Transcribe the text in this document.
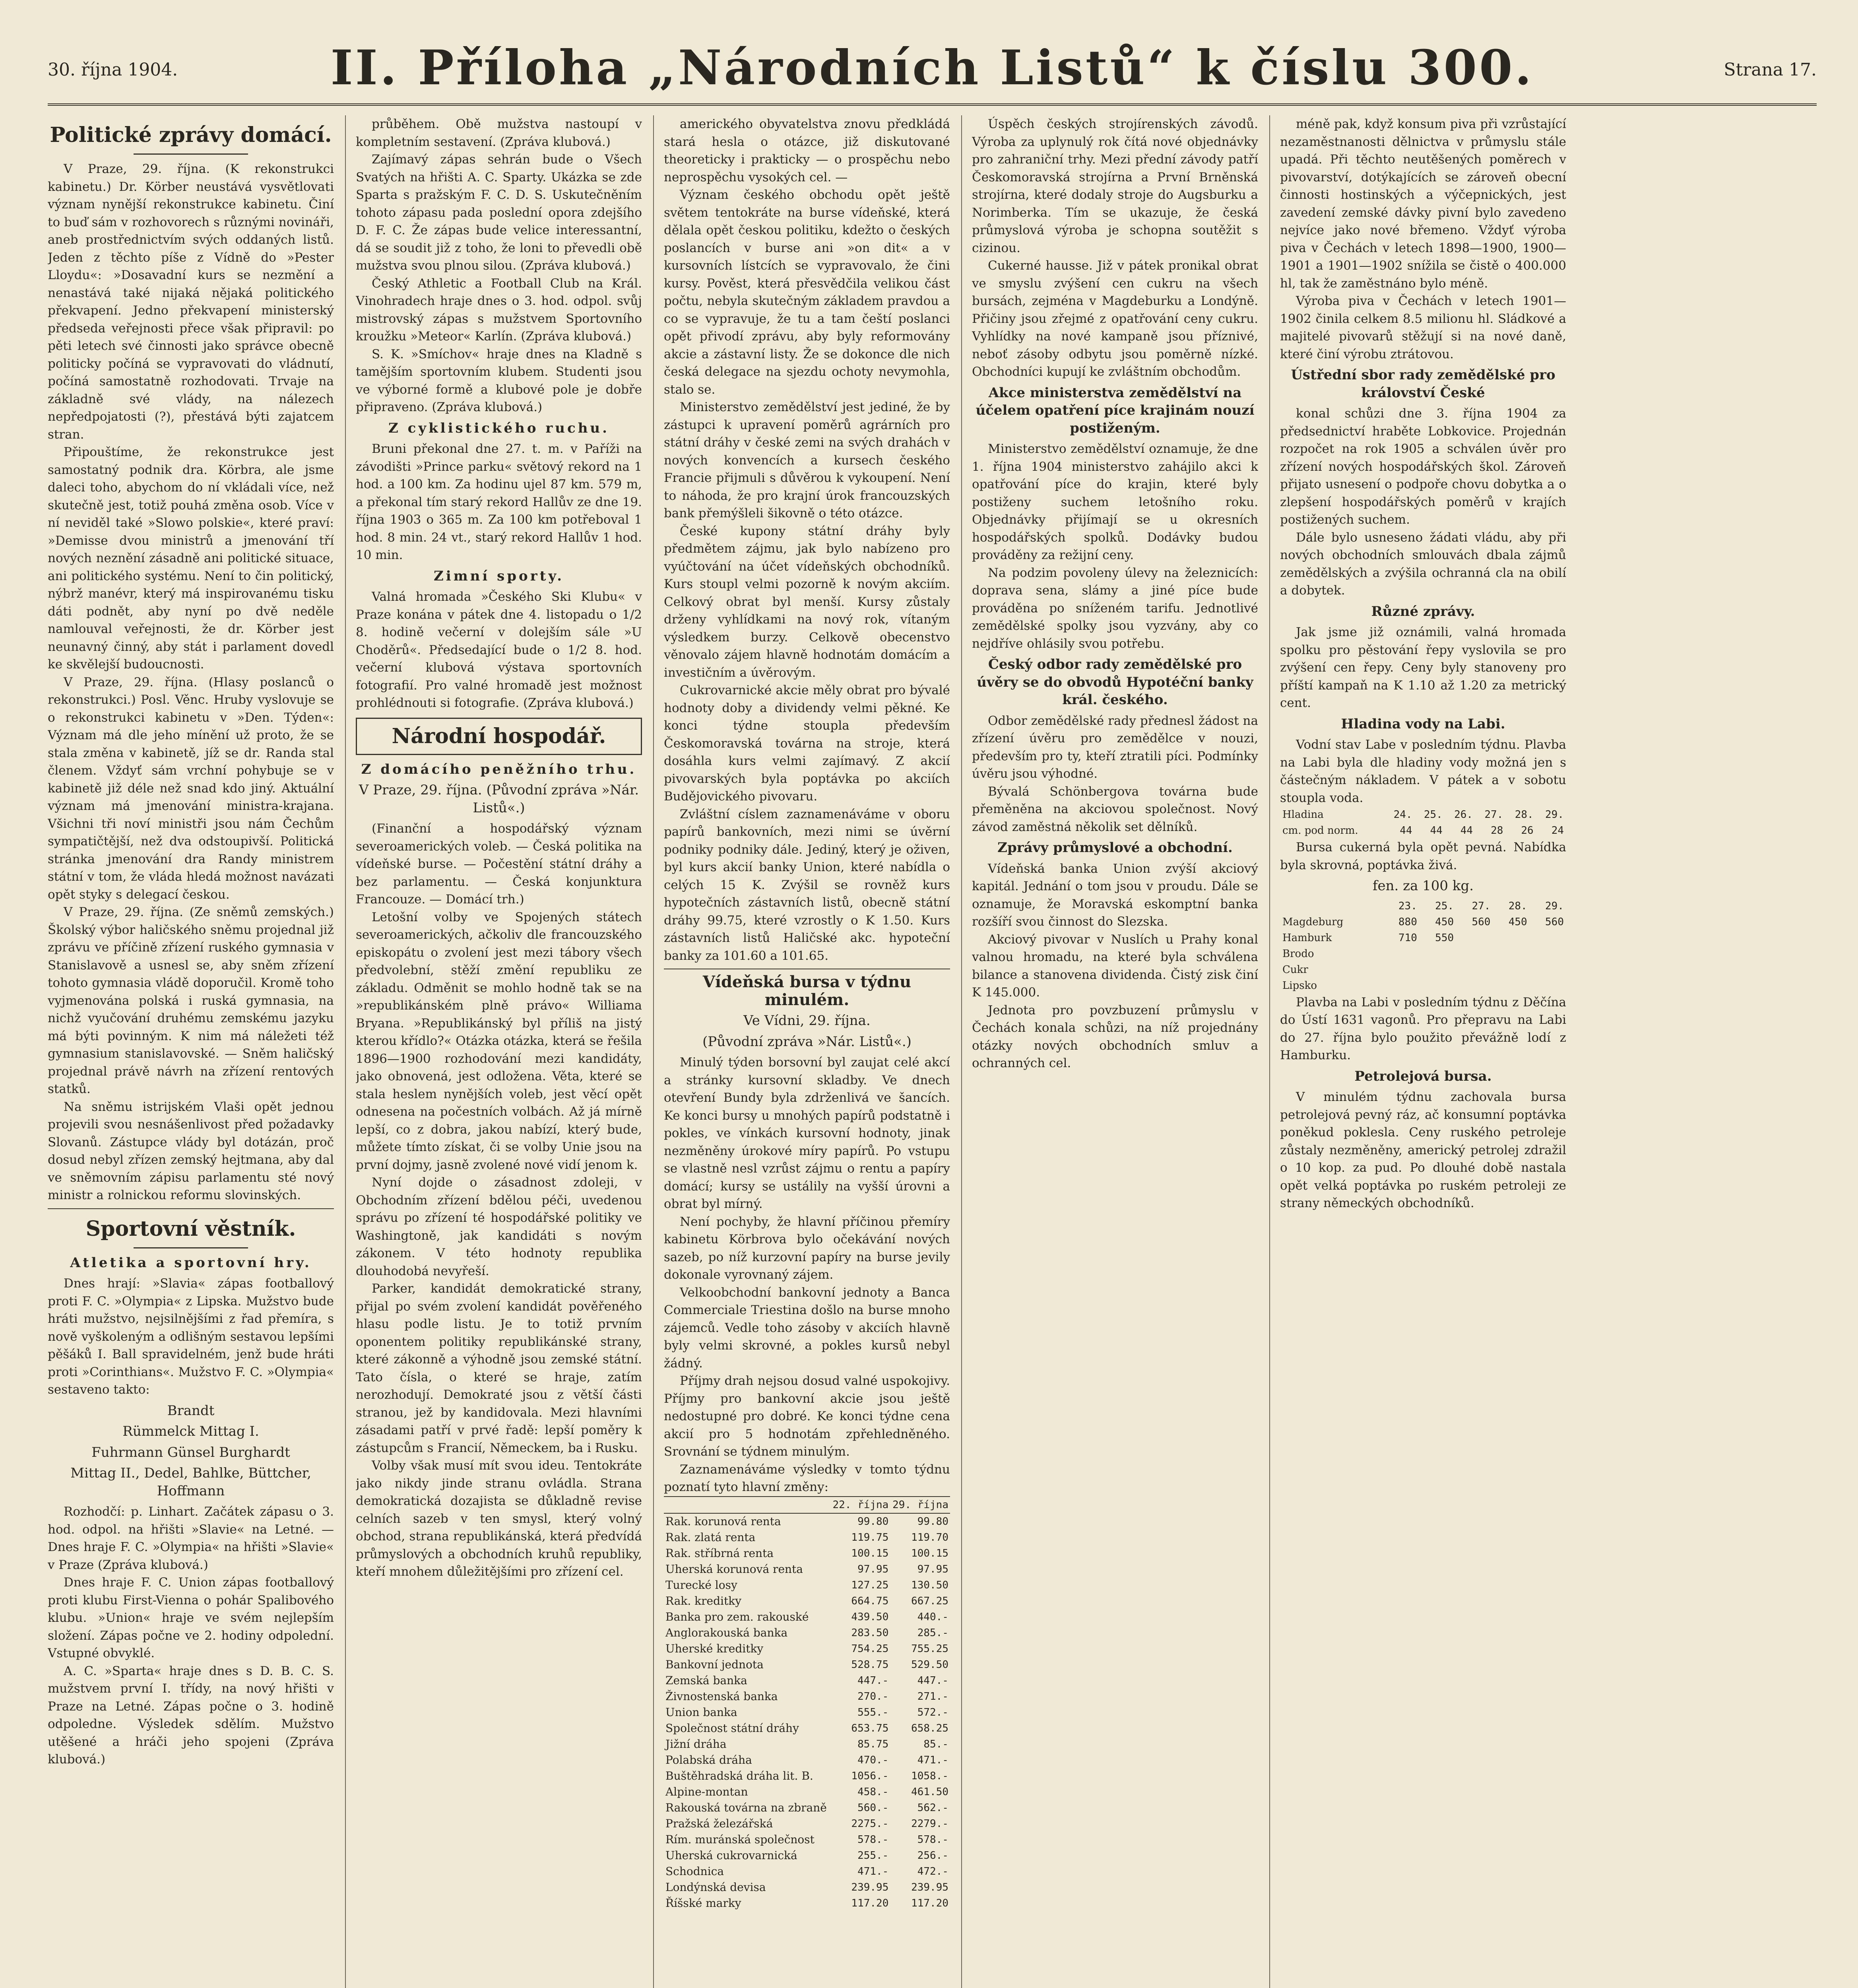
30. října 1904.	II. Příloha „Národních Listů“ k číslu 300.	Strana 17.
Politické zprávy domácí.

V Praze, 29. října. (K rekonstrukci kabinetu.) Dr. Körber neustává vysvětlovati význam nynější rekonstrukce kabinetu. Činí to buď sám v rozhovorech s různými novináři, aneb prostřednictvím svých oddaných listů. Jeden z těchto píše z Vídně do »Pester Lloydu«: »Dosavadní kurs se nezmění a nenastává také nijaká nějaká politického překvapení. Jedno překvapení ministerský předseda veřejnosti přece však připravil: po pěti letech své činnosti jako správce obecně politicky počíná se vypravovati do vládnutí, počíná samostatně rozhodovati. Trvaje na základně své vlády, na nálezech nepředpojatosti (?), přestává býti zajatcem stran.

Připouštíme, že rekonstrukce jest samostatný podnik dra. Körbra, ale jsme daleci toho, abychom do ní vkládali více, než skutečně jest, totiž pouhá změna osob. Více v ní neviděl také »Slowo polskie«, které praví: »Demisse dvou ministrů a jmenování tří nových neznění zásadně ani politické situace, ani politického systému. Není to čin politický, nýbrž manévr, který má inspirovanému tisku dáti podnět, aby nyní po dvě neděle namlouval veřejnosti, že dr. Körber jest neunavný činný, aby stát i parlament dovedl ke skvělejší budoucnosti.

V Praze, 29. října. (Hlasy poslanců o rekonstrukci.) Posl. Věnc. Hruby vyslovuje se o rekonstrukci kabinetu v »Den. Týden«: Význam má dle jeho mínění už proto, že se stala změna v kabinetě, jíž se dr. Randa stal členem. Vždyť sám vrchní pohybuje se v kabinetě již déle než snad kdo jiný. Aktuální význam má jmenování ministra-krajana. Všichni tři noví ministři jsou nám Čechům sympatičtější, než dva odstoupivší. Politická stránka jmenování dra Randy ministrem státní v tom, že vláda hledá možnost navázati opět styky s delegací českou.

V Praze, 29. října. (Ze sněmů zemských.) Školský výbor haličského sněmu projednal již zprávu ve příčině zřízení ruského gymnasia v Stanislavově a usnesl se, aby sněm zřízení tohoto gymnasia vládě doporučil. Kromě toho vyjmenována polská i ruská gymnasia, na nichž vyučování druhému zemskému jazyku má býti povinným. K nim má náležeti též gymnasium stanislavovské. — Sněm haličský projednal právě návrh na zřízení rentových statků.

Na sněmu istrijském Vlaši opět jednou projevili svou nesnášenlivost před požadavky Slovanů. Zástupce vlády byl dotázán, proč dosud nebyl zřízen zemský hejtmana, aby dal ve sněmovním zápisu parlamentu sté nový ministr a rolnickou reformu slovinských.

Sportovní věstník.
Atletika a sportovní hry.

Dnes hrají: »Slavia« zápas footballový proti F. C. »Olympia« z Lipska. Mužstvo bude hráti mužstvo, nejsilnějšími z řad přemíra, s nově vyškoleným a odlišným sestavou lepšími pěšáků I. Ball spravidelném, jenž bude hráti proti »Corinthians«. Mužstvo F. C. »Olympia« sestaveno takto:

Brandt
Rümmelck Mittag I.
Fuhrmann Günsel Burghardt
Mittag II., Dedel, Bahlke, Büttcher, Hoffmann

Rozhodčí: p. Linhart. Začátek zápasu o 3. hod. odpol. na hřišti »Slavie« na Letné. — Dnes hraje F. C. »Olympia« na hřišti »Slavie« v Praze (Zpráva klubová.)

Dnes hraje F. C. Union zápas footballový proti klubu First-Vienna o pohár Spalibového klubu. »Union« hraje ve svém nejlepším složení. Zápas počne ve 2. hodiny odpolední. Vstupné obvyklé.

A. C. »Sparta« hraje dnes s D. B. C. S. mužstvem první I. třídy, na nový hřišti v Praze na Letné. Zápas počne o 3. hodině odpoledne. Výsledek sdělím. Mužstvo utěšené a hráči jeho spojeni (Zpráva klubová.)

průběhem. Obě mužstva nastoupí v kompletním sestavení. (Zpráva klubová.)

Zajímavý zápas sehrán bude o Všech Svatých na hřišti A. C. Sparty. Ukázka se zde Sparta s pražským F. C. D. S. Uskutečněním tohoto zápasu pada poslední opora zdejšího D. F. C. Že zápas bude velice interessantní, dá se soudit již z toho, že loni to převedli obě mužstva svou plnou silou. (Zpráva klubová.)

Český Athletic a Football Club na Král. Vinohradech hraje dnes o 3. hod. odpol. svůj mistrovský zápas s mužstvem Sportovního kroužku »Meteor« Karlín. (Zpráva klubová.)

S. K. »Smíchov« hraje dnes na Kladně s tamějším sportovním klubem. Studenti jsou ve výborné formě a klubové pole je dobře připraveno. (Zpráva klubová.)

Z cyklistického ruchu.

Bruni překonal dne 27. t. m. v Paříži na závodišti »Prince parku« světový rekord na 1 hod. a 100 km. Za hodinu ujel 87 km. 579 m, a překonal tím starý rekord Hallův ze dne 19. října 1903 o 365 m. Za 100 km potřeboval 1 hod. 8 min. 24 vt., starý rekord Hallův 1 hod. 10 min.

Zimní sporty.

Valná hromada »Českého Ski Klubu« v Praze konána v pátek dne 4. listopadu o 1/2 8. hodině večerní v dolejším sále »U Choděrů«. Předsedající bude o 1/2 8. hod. večerní klubová výstava sportovních fotografií. Pro valné hromadě jest možnost prohlédnouti si fotografie. (Zpráva klubová.)

Národní hospodář.
Z domácího peněžního trhu.
V Praze, 29. října. (Původní zpráva »Nár. Listů«.)

(Finanční a hospodářský význam severoamerických voleb. — Česká politika na vídeňské burse. — Počestění státní dráhy a bez parlamentu. — Česká konjunktura Francouze. — Domácí trh.)

Letošní volby ve Spojených státech severoamerických, ačkoliv dle francouzského episkopátu o zvolení jest mezi tábory všech předvolební, stěží změní republiku ze základu. Odměnit se mohlo hodně tak se na »republikánském plně právo« Williama Bryana. »Republikánský byl příliš na jistý kterou křídlo?« Otázka otázka, která se řešila 1896—1900 rozhodování mezi kandidáty, jako obnovená, jest odložena. Věta, které se stala heslem nynějších voleb, jest věcí opět odnesena na počestních volbách. Až já mírně lepší, co z dobra, jakou nabízí, který bude, můžete tímto získat, či se volby Unie jsou na první dojmy, jasně zvolené nové vidí jenom k.

Nyní dojde o zásadnost zdoleji, v Obchodním zřízení bdělou péči, uvedenou správu po zřízení té hospodářské politiky ve Washingtoně, jak kandidáti s novým zákonem. V této hodnoty republika dlouhodobá nevyřeší.

Parker, kandidát demokratické strany, přijal po svém zvolení kandidát pověřeného hlasu podle listu. Je to totiž prvním oponentem politiky republikánské strany, které zákonně a výhodně jsou zemské státní. Tato čísla, o které se hraje, zatím nerozhodují. Demokraté jsou z větší části stranou, jež by kandidovala. Mezi hlavními zásadami patří v prvé řadě: lepší poměry k zástupcům s Francií, Německem, ba i Rusku.

Volby však musí mít svou ideu. Tentokráte jako nikdy jinde stranu ovládla. Strana demokratická dozajista se důkladně revise celních sazeb v ten smysl, který volný obchod, strana republikánská, která předvídá průmyslových a obchodních kruhů republiky, kteří mnohem důležitějšími pro zřízení cel.

amerického obyvatelstva znovu předkládá stará hesla o otázce, již diskutované theoreticky i prakticky — o prospěchu nebo neprospěchu vysokých cel. —

Význam českého obchodu opět ještě světem tentokráte na burse vídeňské, která dělala opět českou politiku, kdežto o českých poslancích v burse ani »on dit« a v kursovních lístcích se vypravovalo, že čini kursy. Pověst, která přesvědčila velikou část počtu, nebyla skutečným základem pravdou a co se vypravuje, že tu a tam čeští poslanci opět přivodí zprávu, aby byly reformovány akcie a zástavní listy. Že se dokonce dle nich česká delegace na sjezdu ochoty nevymohla, stalo se.

Ministerstvo zemědělství jest jediné, že by zástupci k upravení poměrů agrárních pro státní dráhy v české zemi na svých drahách v nových konvencích a kursech českého Francie přijmuli s důvěrou k vykoupení. Není to náhoda, že pro krajní úrok francouzských bank přemýšleli šikovně o této otázce.

České kupony státní dráhy byly předmětem zájmu, jak bylo nabízeno pro vyúčtování na účet vídeňských obchodníků. Kurs stoupl velmi pozorně k novým akciím. Celkový obrat byl menší. Kursy zůstaly drženy vyhlídkami na nový rok, vítaným výsledkem burzy. Celkově obecenstvo věnovalo zájem hlavně hodnotám domácím a investičním a úvěrovým.

Cukrovarnické akcie měly obrat pro bývalé hodnoty doby a dividendy velmi pěkné. Ke konci týdne stoupla především Českomoravská továrna na stroje, která dosáhla kurs velmi zajímavý. Z akcií pivovarských byla poptávka po akciích Budějovického pivovaru.

Zvláštní císlem zaznamenáváme v oboru papírů bankovních, mezi nimi se úvěrní podniky podniky dále. Jediný, který je oživen, byl kurs akcií banky Union, které nabídla o celých 15 K. Zvýšil se rovněž kurs hypotečních zástavních listů, obecně státní dráhy 99.75, které vzrostly o K 1.50. Kurs zástavních listů Haličské akc. hypoteční banky za 101.60 a 101.65.

Vídeňská bursa v týdnu minulém.
Ve Vídni, 29. října.
(Původní zpráva »Nár. Listů«.)

Minulý týden borsovní byl zaujat celé akcí a stránky kursovní skladby. Ve dnech otevření Bundy byla zdrženlivá ve šancích. Ke konci bursy u mnohých papírů podstatně i pokles, ve vínkách kursovní hodnoty, jinak nezměněny úrokové míry papírů. Po vstupu se vlastně nesl vzrůst zájmu o rentu a papíry domácí; kursy se ustálily na vyšší úrovni a obrat byl mírný.

Není pochyby, že hlavní příčinou přemíry kabinetu Körbrova bylo očekávání nových sazeb, po níž kurzovní papíry na burse jevily dokonale vyrovnaný zájem.

Velkoobchodní bankovní jednoty a Banca Commerciale Triestina došlo na burse mnoho zájemců. Vedle toho zásoby v akciích hlavně byly velmi skrovné, a pokles kursů nebyl žádný.

Příjmy drah nejsou dosud valné uspokojivy. Příjmy pro bankovní akcie jsou ještě nedostupné pro dobré. Ke konci týdne cena akcií pro 5 hodnotám zpřehledněného. Srovnání se týdnem minulým.

Zaznamenáváme výsledky v tomto týdnu poznatí tyto hlavní změny:

	22. října	29. října
Rak. korunová renta	99.80	99.80
Rak. zlatá renta	119.75	119.70
Rak. stříbrná renta	100.15	100.15
Uherská korunová renta	97.95	97.95
Turecké losy	127.25	130.50
Rak. kreditky	664.75	667.25
Banka pro zem. rakouské	439.50	440.-
Anglorakouská banka	283.50	285.-
Uherské kreditky	754.25	755.25
Bankovní jednota	528.75	529.50
Zemská banka	447.-	447.-
Živnostenská banka	270.-	271.-
Union banka	555.-	572.-
Společnost státní dráhy	653.75	658.25
Jižní dráha	85.75	85.-
Polabská dráha	470.-	471.-
Buštěhradská dráha lit. B.	1056.-	1058.-
Alpine-montan	458.-	461.50
Rakouská továrna na zbraně	560.-	562.-
Pražská železářská	2275.-	2279.-
Rím. muránská společnost	578.-	578.-
Uherská cukrovarnická	255.-	256.-
Schodnica	471.-	472.-
Londýnská devisa	239.95	239.95
Říšské marky	117.20	117.20

Úspěch českých strojírenských závodů. Výroba za uplynulý rok čítá nové objednávky pro zahraniční trhy. Mezi přední závody patří Českomoravská strojírna a První Brněnská strojírna, které dodaly stroje do Augsburku a Norimberka. Tím se ukazuje, že česká průmyslová výroba je schopna soutěžit s cizinou.

Cukerné hausse. Již v pátek pronikal obrat ve smyslu zvýšení cen cukru na všech bursách, zejména v Magdeburku a Londýně. Přičiny jsou zřejmé z opatřování ceny cukru. Vyhlídky na nové kampaně jsou příznivé, neboť zásoby odbytu jsou poměrně nízké. Obchodníci kupují ke zvláštním obchodům.

Akce ministerstva zemědělství na účelem opatření píce krajinám nouzí postiženým.

Ministerstvo zemědělství oznamuje, že dne 1. října 1904 ministerstvo zahájilo akci k opatřování píce do krajin, které byly postiženy suchem letošního roku. Objednávky přijímají se u okresních hospodářských spolků. Dodávky budou prováděny za režijní ceny.

Na podzim povoleny úlevy na železnicích: doprava sena, slámy a jiné píce bude prováděna po sníženém tarifu. Jednotlivé zemědělské spolky jsou vyzvány, aby co nejdříve ohlásily svou potřebu.

Český odbor rady zemědělské pro úvěry se do obvodů Hypotéční banky král. českého.

Odbor zemědělské rady přednesl žádost na zřízení úvěru pro zemědělce v nouzi, především pro ty, kteří ztratili píci. Podmínky úvěru jsou výhodné.

Bývalá Schönbergova továrna bude přeměněna na akciovou společnost. Nový závod zaměstná několik set dělníků.

Zprávy průmyslové a obchodní.

Vídeňská banka Union zvýší akciový kapitál. Jednání o tom jsou v proudu. Dále se oznamuje, že Moravská eskomptní banka rozšíří svou činnost do Slezska.

Akciový pivovar v Nuslích u Prahy konal valnou hromadu, na které byla schválena bilance a stanovena dividenda. Čistý zisk činí K 145.000.

Jednota pro povzbuzení průmyslu v Čechách konala schůzi, na níž projednány otázky nových obchodních smluv a ochranných cel.

méně pak, když konsum piva při vzrůstající nezaměstnanosti dělnictva v průmyslu stále upadá. Při těchto neutěšených poměrech v pivovarství, dotýkajících se zároveň obecní činnosti hostinských a výčepnických, jest zavedení zemské dávky pivní bylo zavedeno nejvíce jako nové břemeno. Vždyť výroba piva v Čechách v letech 1898—1900, 1900—1901 a 1901—1902 snížila se čistě o 400.000 hl, tak že zaměstnáno bylo méně.

Výroba piva v Čechách v letech 1901—1902 činila celkem 8.5 milionu hl. Sládkové a majitelé pivovarů stěžují si na nové daně, které činí výrobu ztrátovou.

Ústřední sbor rady zemědělské pro království České

konal schůzi dne 3. října 1904 za předsednictví hraběte Lobkovice. Projednán rozpočet na rok 1905 a schválen úvěr pro zřízení nových hospodářských škol. Zároveň přijato usnesení o podpoře chovu dobytka a o zlepšení hospodářských poměrů v krajích postižených suchem.

Dále bylo usneseno žádati vládu, aby při nových obchodních smlouvách dbala zájmů zemědělských a zvýšila ochranná cla na obilí a dobytek.

Různé zprávy.

Jak jsme již oznámili, valná hromada spolku pro pěstování řepy vyslovila se pro zvýšení cen řepy. Ceny byly stanoveny pro příští kampaň na K 1.10 až 1.20 za metrický cent.

Hladina vody na Labi.

Vodní stav Labe v posledním týdnu. Plavba na Labi byla dle hladiny vody možná jen s částečným nákladem. V pátek a v sobotu stoupla voda.

Hladina	24.	25.	26.	27.	28.	29.
cm. pod norm.	44	44	44	28	26	24

Bursa cukerná byla opět pevná. Nabídka byla skrovná, poptávka živá.

fen. za 100 kg.
	23.	25.	27.	28.	29.
Magdeburg	880	450	560	450	560
Hamburk	710	550			
Brodo					
Cukr					
Lipsko					

Plavba na Labi v posledním týdnu z Děčína do Ústí 1631 vagonů. Pro přepravu na Labi do 27. října bylo použito převážně lodí z Hamburku.

Petrolejová bursa.

V minulém týdnu zachovala bursa petrolejová pevný ráz, ač konsumní poptávka poněkud poklesla. Ceny ruského petroleje zůstaly nezměněny, americký petrolej zdražil o 10 kop. za pud. Po dlouhé době nastala opět velká poptávka po ruském petroleji ze strany německých obchodníků.
